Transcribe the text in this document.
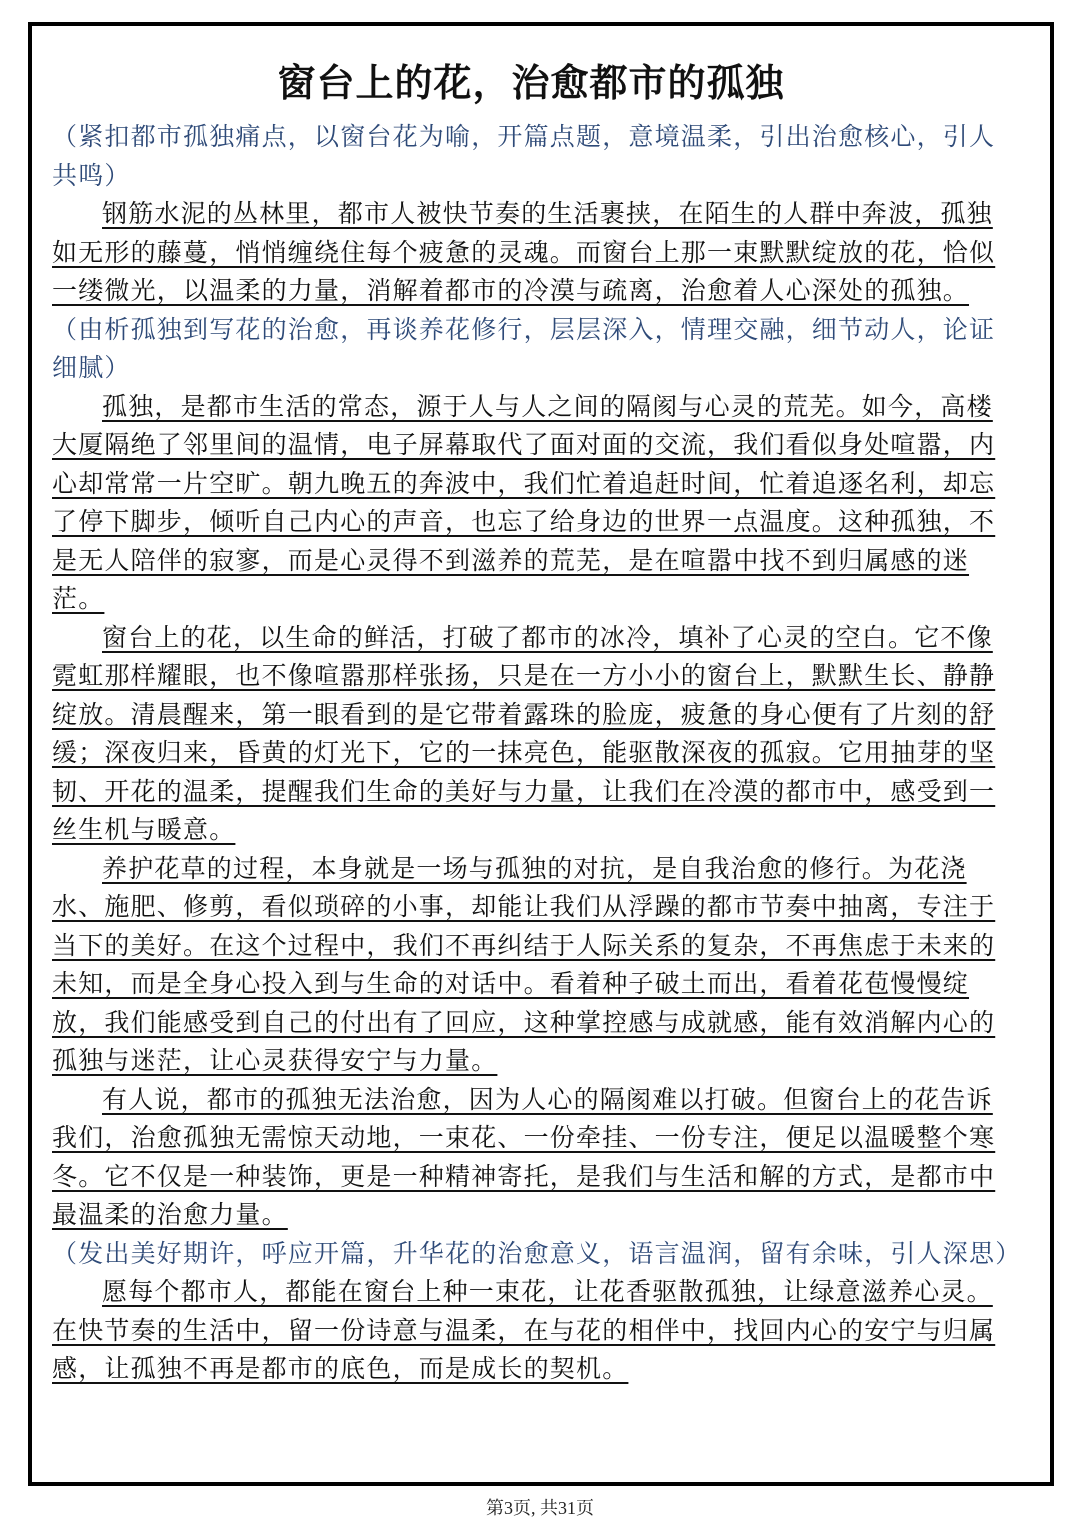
窗台上的花，治愈都市的孤独

（紧扣都市孤独痛点，以窗台花为喻，开篇点题，意境温柔，引出治愈核心，引人共鸣）

钢筋水泥的丛林里，都市人被快节奏的生活裹挟，在陌生的人群中奔波，孤独如无形的藤蔓，悄悄缠绕住每个疲惫的灵魂。而窗台上那一束默默绽放的花，恰似一缕微光，以温柔的力量，消解着都市的冷漠与疏离，治愈着人心深处的孤独。

（由析孤独到写花的治愈，再谈养花修行，层层深入，情理交融，细节动人，论证细腻）

孤独，是都市生活的常态，源于人与人之间的隔阂与心灵的荒芜。如今，高楼大厦隔绝了邻里间的温情，电子屏幕取代了面对面的交流，我们看似身处喧嚣，内心却常常一片空旷。朝九晚五的奔波中，我们忙着追赶时间，忙着追逐名利，却忘了停下脚步，倾听自己内心的声音，也忘了给身边的世界一点温度。这种孤独，不是无人陪伴的寂寥，而是心灵得不到滋养的荒芜，是在喧嚣中找不到归属感的迷茫。

窗台上的花，以生命的鲜活，打破了都市的冰冷，填补了心灵的空白。它不像霓虹那样耀眼，也不像喧嚣那样张扬，只是在一方小小的窗台上，默默生长、静静绽放。清晨醒来，第一眼看到的是它带着露珠的脸庞，疲惫的身心便有了片刻的舒缓；深夜归来，昏黄的灯光下，它的一抹亮色，能驱散深夜的孤寂。它用抽芽的坚韧、开花的温柔，提醒我们生命的美好与力量，让我们在冷漠的都市中，感受到一丝生机与暖意。

养护花草的过程，本身就是一场与孤独的对抗，是自我治愈的修行。为花浇水、施肥、修剪，看似琐碎的小事，却能让我们从浮躁的都市节奏中抽离，专注于当下的美好。在这个过程中，我们不再纠结于人际关系的复杂，不再焦虑于未来的未知，而是全身心投入到与生命的对话中。看着种子破土而出，看着花苞慢慢绽放，我们能感受到自己的付出有了回应，这种掌控感与成就感，能有效消解内心的孤独与迷茫，让心灵获得安宁与力量。

有人说，都市的孤独无法治愈，因为人心的隔阂难以打破。但窗台上的花告诉我们，治愈孤独无需惊天动地，一束花、一份牵挂、一份专注，便足以温暖整个寒冬。它不仅是一种装饰，更是一种精神寄托，是我们与生活和解的方式，是都市中最温柔的治愈力量。

（发出美好期许，呼应开篇，升华花的治愈意义，语言温润，留有余味，引人深思）

愿每个都市人，都能在窗台上种一束花，让花香驱散孤独，让绿意滋养心灵。在快节奏的生活中，留一份诗意与温柔，在与花的相伴中，找回内心的安宁与归属感，让孤独不再是都市的底色，而是成长的契机。

第3页, 共31页
